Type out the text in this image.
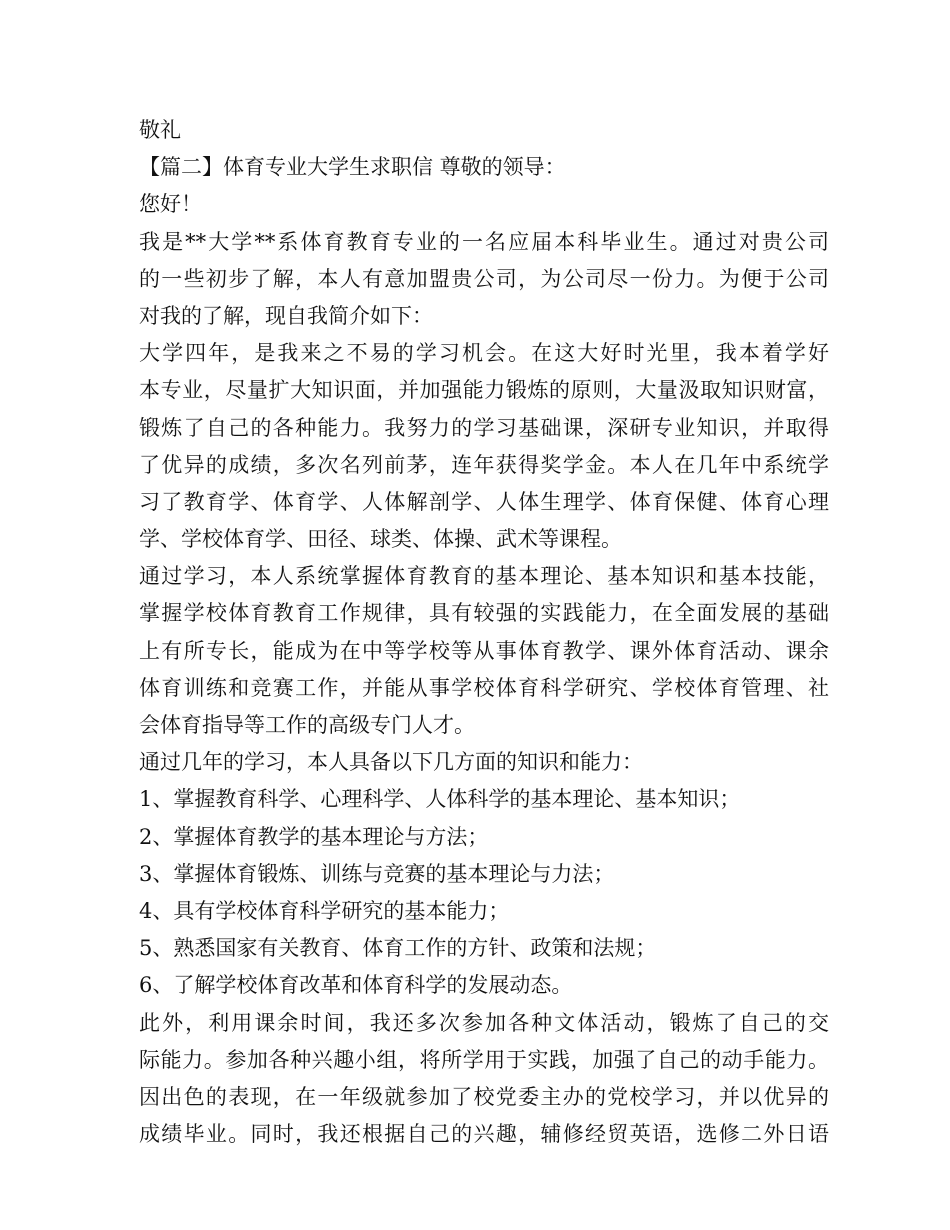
敬礼
【篇二】体育专业大学生求职信 尊敬的领导：
您好！
我是**大学**系体育教育专业的一名应届本科毕业生。通过对贵公司
的一些初步了解，本人有意加盟贵公司，为公司尽一份力。为便于公司
对我的了解，现自我简介如下：
大学四年，是我来之不易的学习机会。在这大好时光里，我本着学好
本专业，尽量扩大知识面，并加强能力锻炼的原则，大量汲取知识财富，
锻炼了自己的各种能力。我努力的学习基础课，深研专业知识，并取得
了优异的成绩，多次名列前茅，连年获得奖学金。本人在几年中系统学
习了教育学、体育学、人体解剖学、人体生理学、体育保健、体育心理
学、学校体育学、田径、球类、体操、武术等课程。
通过学习，本人系统掌握体育教育的基本理论、基本知识和基本技能，
掌握学校体育教育工作规律，具有较强的实践能力，在全面发展的基础
上有所专长，能成为在中等学校等从事体育教学、课外体育活动、课余
体育训练和竞赛工作，并能从事学校体育科学研究、学校体育管理、社
会体育指导等工作的高级专门人才。
通过几年的学习，本人具备以下几方面的知识和能力：
1、掌握教育科学、心理科学、人体科学的基本理论、基本知识；
2、掌握体育教学的基本理论与方法；
3、掌握体育锻炼、训练与竞赛的基本理论与力法；
4、具有学校体育科学研究的基本能力；
5、熟悉国家有关教育、体育工作的方针、政策和法规；
6、了解学校体育改革和体育科学的发展动态。
此外，利用课余时间，我还多次参加各种文体活动，锻炼了自己的交
际能力。参加各种兴趣小组，将所学用于实践，加强了自己的动手能力。
因出色的表现，在一年级就参加了校党委主办的党校学习，并以优异的
成绩毕业。同时，我还根据自己的兴趣，辅修经贸英语，选修二外日语
